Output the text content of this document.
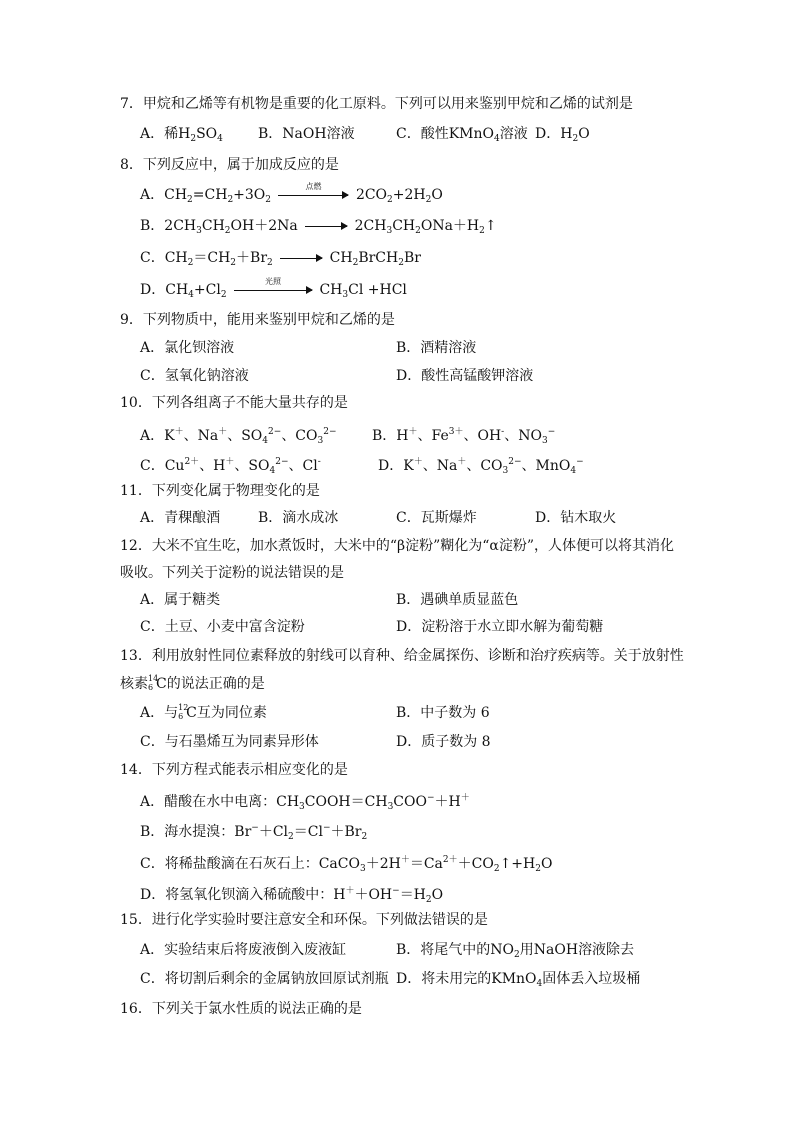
7．甲烷和乙烯等有机物是重要的化工原料。下列可以用来鉴别甲烷和乙烯的试剂是
A．稀$H_2SO_4$	B．NaOH溶液	C．酸性KMnO$_4$溶液 D．$H_2O$
8．下列反应中，属于加成反应的是
A．$CH_2=CH_2+3O_2$
点燃
$2CO_2+2H_2O$
B．$2CH_3CH_2OH+2Na$	$2CH_3CH_2ONa+H_2↑$
C．$CH_2=CH_2+Br_2$	$CH_2BrCH_2Br$
D．$CH_4+Cl_2$
光照
$CH_3Cl +HCl$
9．下列物质中，能用来鉴别甲烷和乙烯的是
A．氯化钡溶液	B．酒精溶液
C．氢氧化钠溶液	D．酸性高锰酸钾溶液
10．下列各组离子不能大量共存的是
A．K＋、Na＋、$SO_4^{2-}$、$CO_3^{2-}$	B．H＋、$Fe^{3+}$、OH-、$NO_3^-$
C．$Cu^{2+}$、H＋、$SO_4^{2-}$、Cl-	D．K＋、Na＋、$CO_3^{2-}$、MnO$_4$−
11．下列变化属于物理变化的是
A．青稞酿酒	B．滴水成冰	C．瓦斯爆炸	D．钻木取火
12．大米不宜生吃，加水煮饭时，大米中的“β淀粉”糊化为“α淀粉”，人体便可以将其消化
吸收。下列关于淀粉的说法错误的是
A．属于糖类	B．遇碘单质显蓝色
C．土豆、小麦中富含淀粉	D．淀粉溶于水立即水解为葡萄糖
13．利用放射性同位素释放的射线可以育种、给金属探伤、诊断和治疗疾病等。关于放射性
核素 14
6 C的说法正确的是
A．与 12
6 C互为同位素	B．中子数为 6
C．与石墨烯互为同素异形体	D．质子数为 8
14．下列方程式能表示相应变化的是
A．醋酸在水中电离：$CH_3COOH=CH_3COO^-+H^+$
B．海水提溴：$Br^-+Cl_2=Cl^-+Br_2$
C．将稀盐酸滴在石灰石上：$CaCO_3+2H^+=Ca^{2+}+CO_2↑+H_2O$
D．将氢氧化钡滴入稀硫酸中：$H^++OH^-=H_2O$
15．进行化学实验时要注意安全和环保。下列做法错误的是
A．实验结束后将废液倒入废液缸	B．将尾气中的$NO_2$用NaOH溶液除去
C．将切割后剩余的金属钠放回原试剂瓶 D．将未用完的KMnO$_4$固体丢入垃圾桶
16．下列关于氯水性质的说法正确的是
